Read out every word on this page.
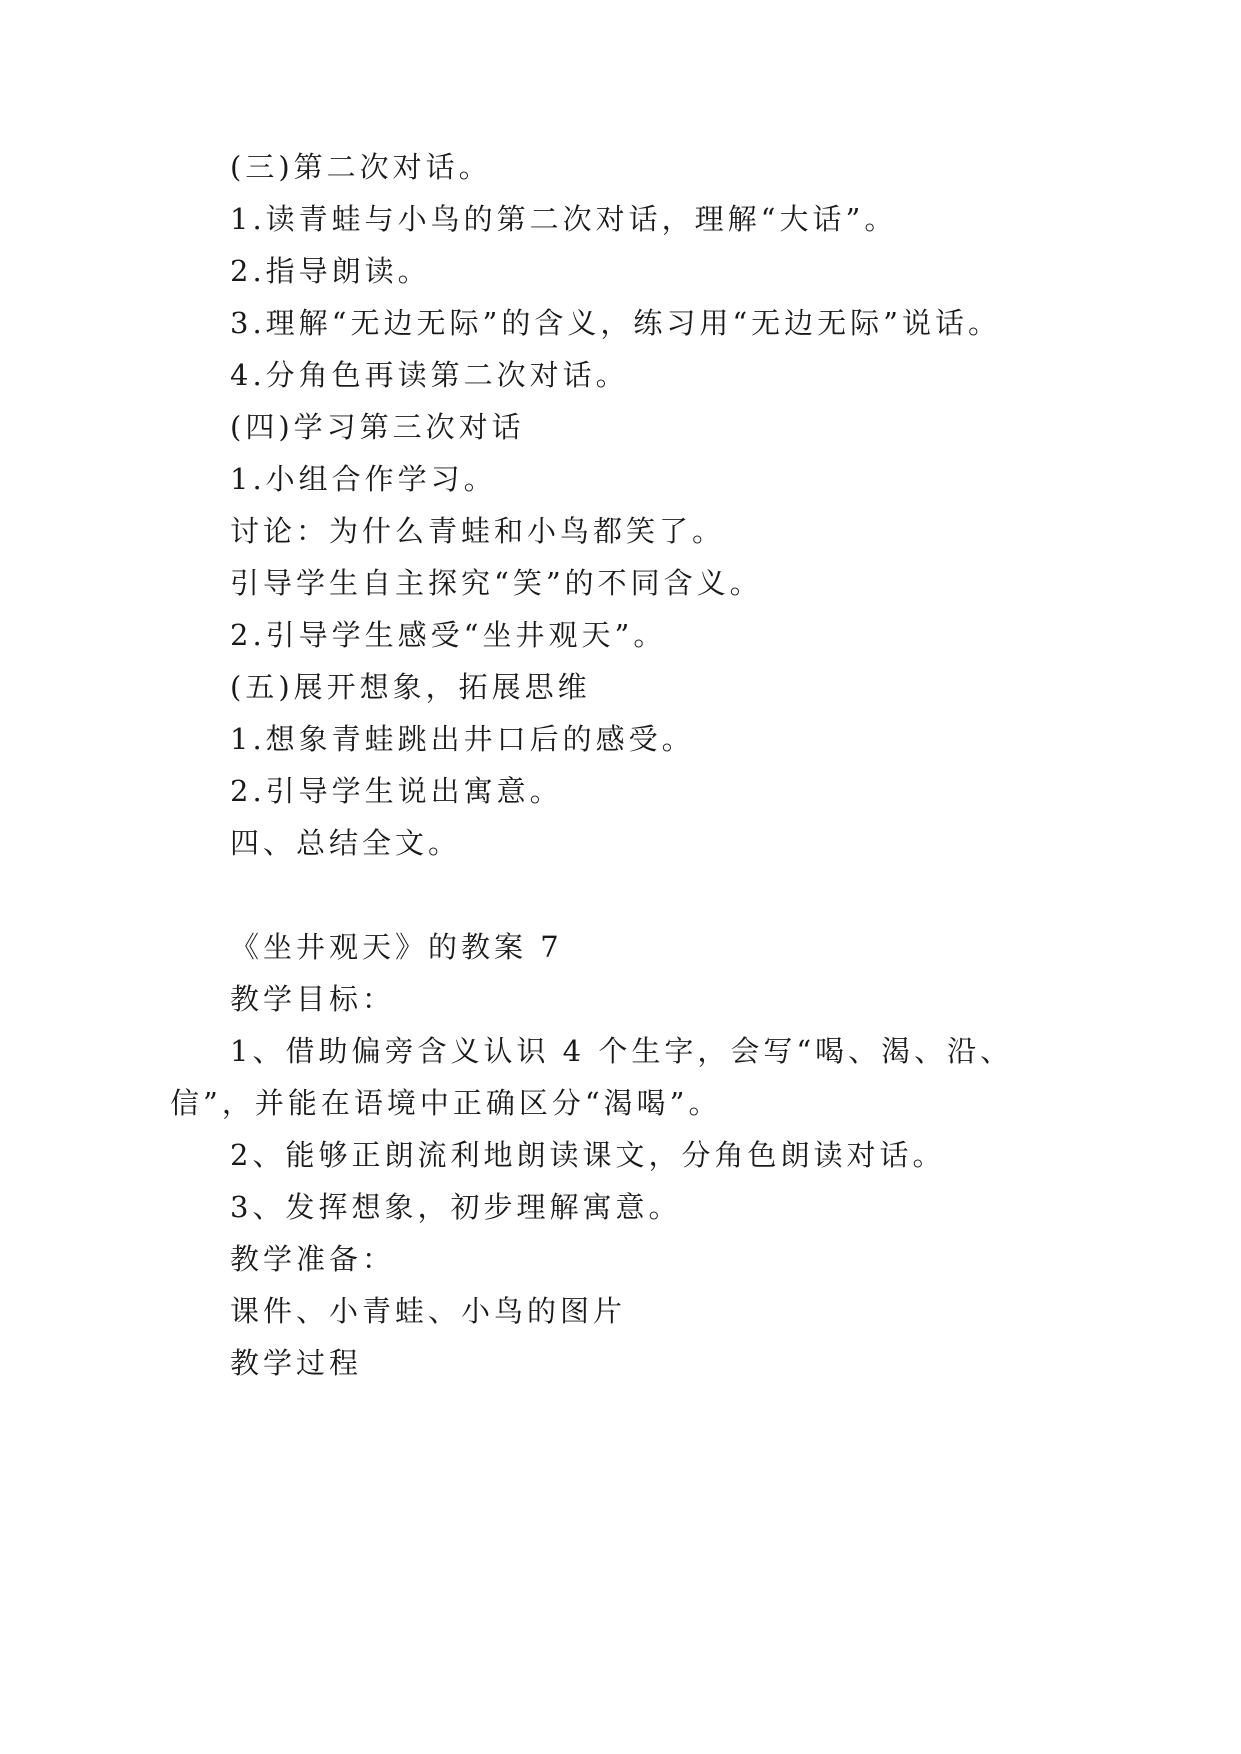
(三)第二次对话。
1.读青蛙与小鸟的第二次对话，理解“大话”。
2.指导朗读。
3.理解“无边无际”的含义，练习用“无边无际”说话。
4.分角色再读第二次对话。
(四)学习第三次对话
1.小组合作学习。
讨论：为什么青蛙和小鸟都笑了。
引导学生自主探究“笑”的不同含义。
2.引导学生感受“坐井观天”。
(五)展开想象，拓展思维
1.想象青蛙跳出井口后的感受。
2.引导学生说出寓意。
四、总结全文。
《坐井观天》的教案 7
教学目标：
1、借助偏旁含义认识 4 个生字，会写“喝、渴、沿、
信”，并能在语境中正确区分“渴喝”。
2、能够正朗流利地朗读课文，分角色朗读对话。
3、发挥想象，初步理解寓意。
教学准备：
课件、小青蛙、小鸟的图片
教学过程
